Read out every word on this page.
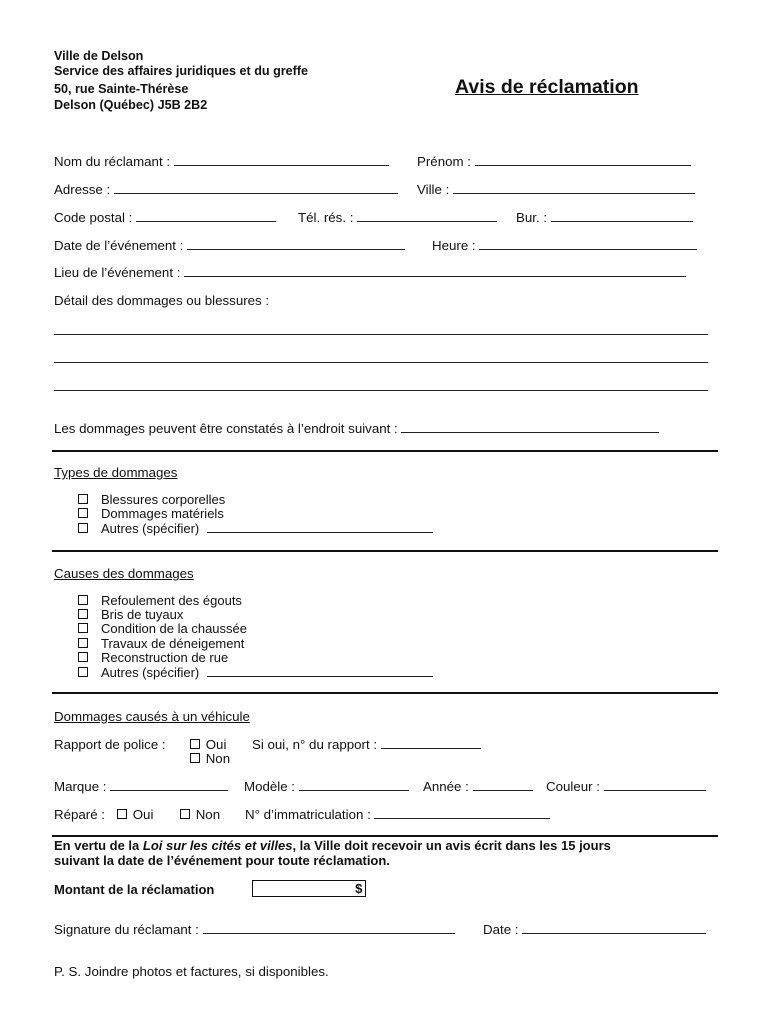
Ville de Delson
Service des affaires juridiques et du greffe
50, rue Sainte-Thérèse
Delson (Québec) J5B 2B2
Avis de réclamation
Nom du réclamant :	Prénom :
Adresse :	Ville :
Code postal :	Tél. rés. :	Bur. :
Date de l’événement :	Heure :
Lieu de l’événement :
Détail des dommages ou blessures :
Les dommages peuvent être constatés à l’endroit suivant :
Types de dommages
Blessures corporelles
Dommages matériels
Autres (spécifier)
Causes des dommages
Refoulement des égouts
Bris de tuyaux
Condition de la chaussée
Travaux de déneigement
Reconstruction de rue
Autres (spécifier)
Dommages causés à un véhicule
Rapport de police :	Oui
Non
Si oui, n° du rapport :
Marque :	Modèle :	Année :	Couleur :
Réparé :	Oui	Non N° d’immatriculation :
En vertu de la Loi sur les cités et villes, la Ville doit recevoir un avis écrit dans les 15 jours
suivant la date de l’événement pour toute réclamation.
Montant de la réclamation	$
Signature du réclamant :	Date :
P. S. Joindre photos et factures, si disponibles.
